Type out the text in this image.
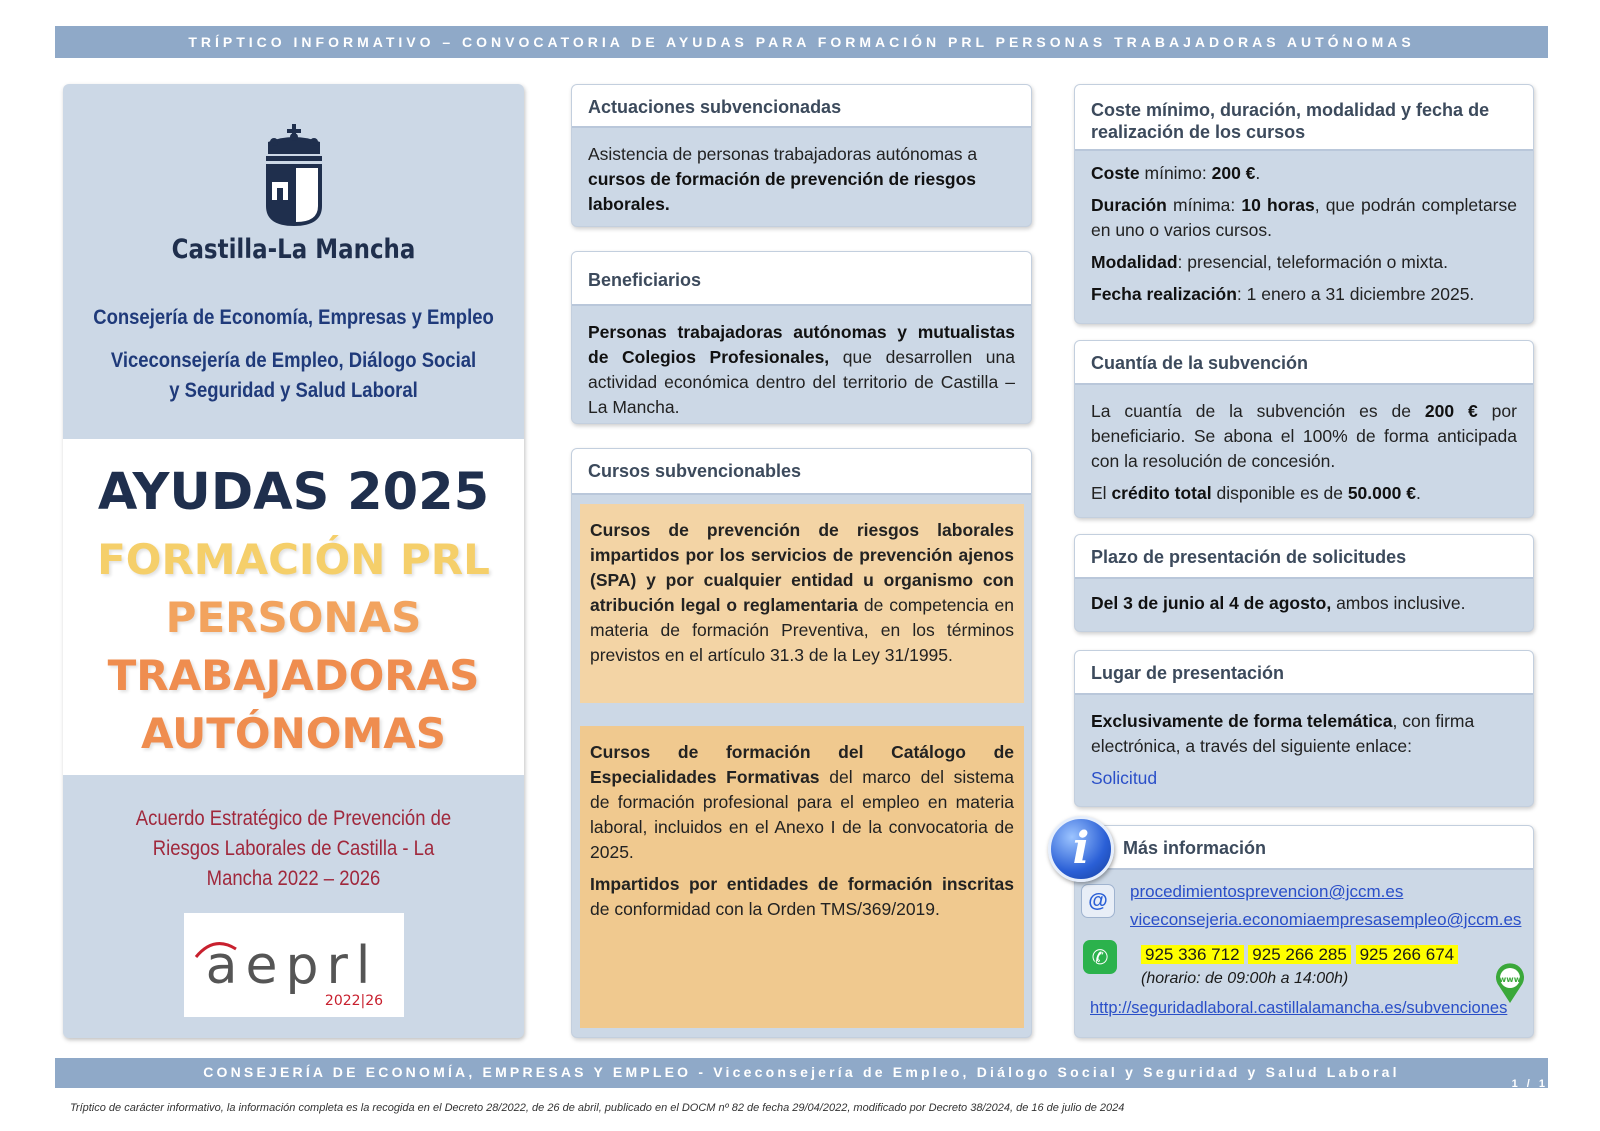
TRÍPTICO INFORMATIVO – CONVOCATORIA DE AYUDAS PARA FORMACIÓN PRL PERSONAS TRABAJADORAS AUTÓNOMAS
Castilla-La Mancha
Consejería de Economía, Empresas y Empleo
Viceconsejería de Empleo, Diálogo Social y Seguridad y Salud Laboral
AYUDAS 2025
FORMACIÓN PRL
PERSONAS
TRABAJADORAS
AUTÓNOMAS
Acuerdo Estratégico de Prevención de Riesgos Laborales de Castilla - La Mancha 2022 – 2026
aeprl
2022|26
Actuaciones subvencionadas
Asistencia de personas trabajadoras autónomas a cursos de formación de prevención de riesgos laborales.
Beneficiarios
Personas trabajadoras autónomas y mutualistas de Colegios Profesionales, que desarrollen una actividad económica dentro del territorio de Castilla – La Mancha.
Cursos subvencionables
Cursos de prevención de riesgos laborales impartidos por los servicios de prevención ajenos (SPA) y por cualquier entidad u organismo con atribución legal o reglamentaria de competencia en materia de formación Preventiva, en los términos previstos en el artículo 31.3 de la Ley 31/1995.
Cursos de formación del Catálogo de Especialidades Formativas del marco del sistema de formación profesional para el empleo en materia laboral, incluidos en el Anexo I de la convocatoria de 2025.
Impartidos por entidades de formación inscritas de conformidad con la Orden TMS/369/2019.
Coste mínimo, duración, modalidad y fecha de realización de los cursos
Coste mínimo: 200 €.
Duración mínima: 10 horas, que podrán completarse en uno o varios cursos.
Modalidad: presencial, teleformación o mixta.
Fecha realización: 1 enero a 31 diciembre 2025.
Cuantía de la subvención
La cuantía de la subvención es de 200 € por beneficiario. Se abona el 100% de forma anticipada con la resolución de concesión.
El crédito total disponible es de 50.000 €.
Plazo de presentación de solicitudes
Del 3 de junio al 4 de agosto, ambos inclusive.
Lugar de presentación
Exclusivamente de forma telemática, con firma electrónica, a través del siguiente enlace:
Solicitud
Más información
procedimientosprevencion@jccm.es
viceconsejeria.economiaempresasempleo@jccm.es
925 336 712 925 266 285 925 266 674
(horario: de 09:00h a 14:00h)
http://seguridadlaboral.castillalamancha.es/subvenciones
@
✆
www
i
CONSEJERÍA DE ECONOMÍA, EMPRESAS Y EMPLEO - Viceconsejería de Empleo, Diálogo Social y Seguridad y Salud Laboral
1 / 1
Tríptico de carácter informativo, la información completa es la recogida en el Decreto 28/2022, de 26 de abril, publicado en el DOCM nº 82 de fecha 29/04/2022, modificado por Decreto 38/2024, de 16 de julio de 2024
